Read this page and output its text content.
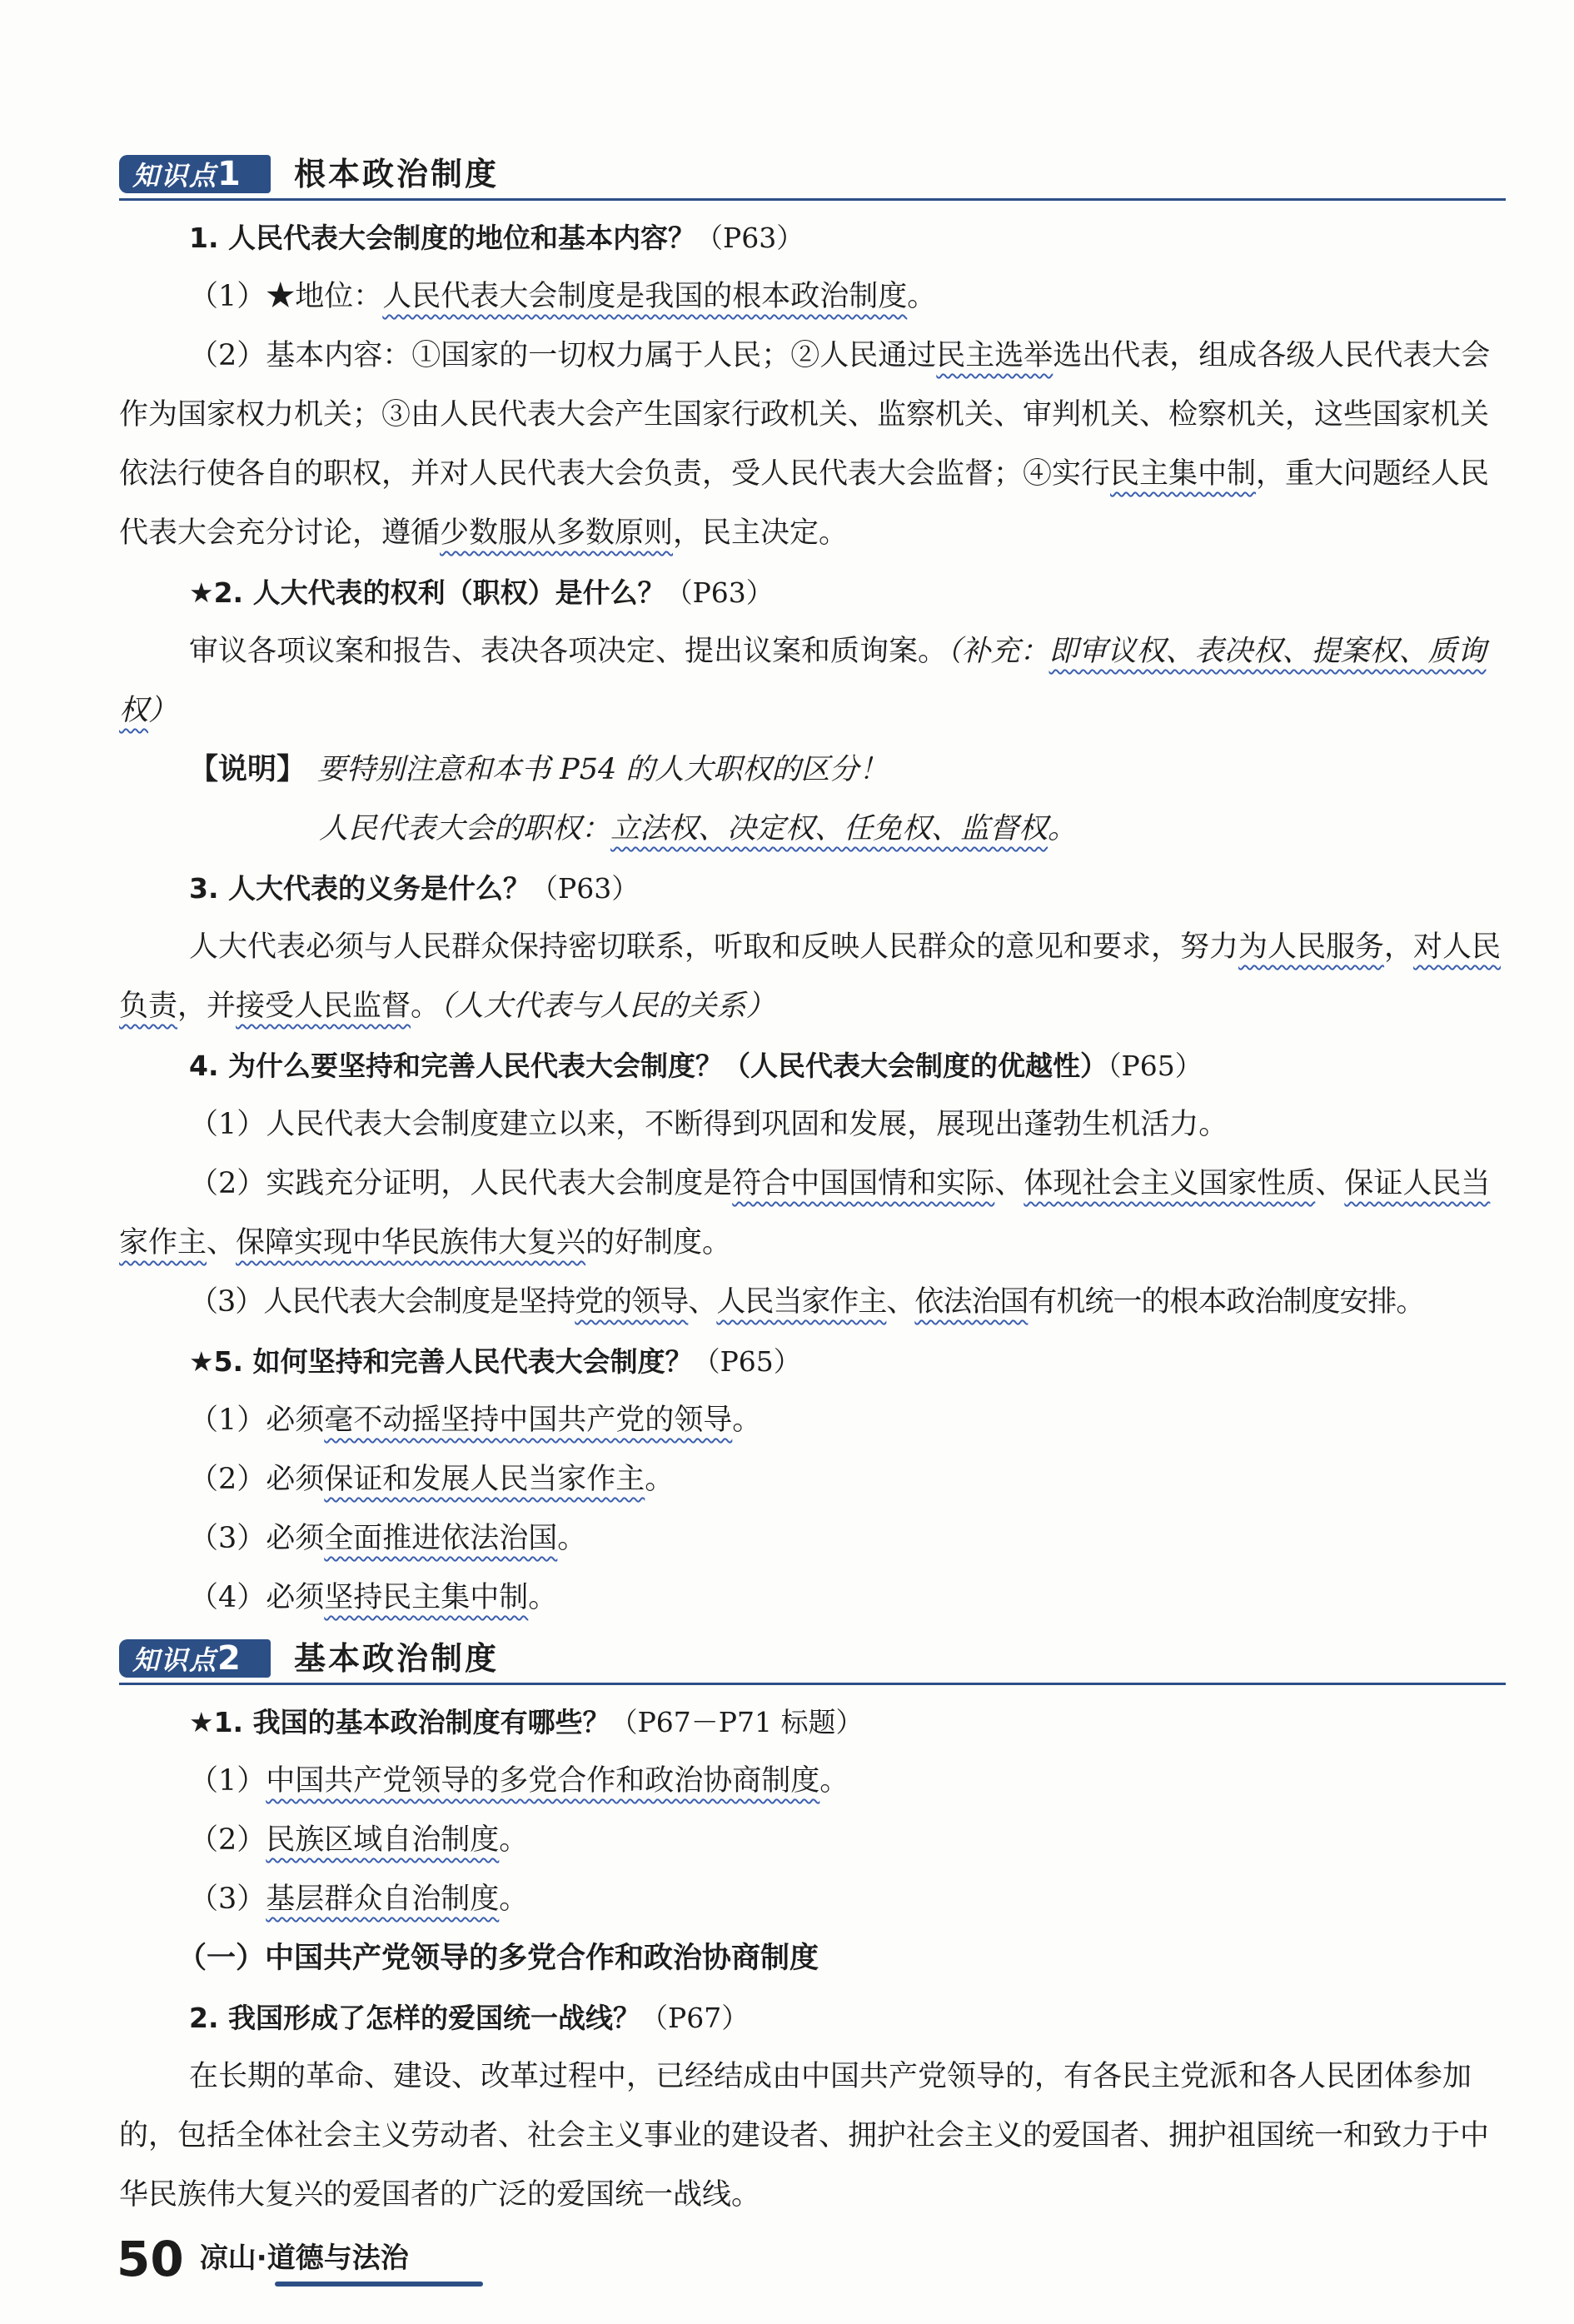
知识点1	根本政治制度

1. 人民代表大会制度的地位和基本内容？（P63）

（1）★地位：人民代表大会制度是我国的根本政治制度。

（2）基本内容：①国家的一切权力属于人民；②人民通过民主选举选出代表，组成各级人民代表大会作为国家权力机关；③由人民代表大会产生国家行政机关、监察机关、审判机关、检察机关，这些国家机关依法行使各自的职权，并对人民代表大会负责，受人民代表大会监督；④实行民主集中制，重大问题经人民代表大会充分讨论，遵循少数服从多数原则，民主决定。

★2. 人大代表的权利（职权）是什么？（P63）

审议各项议案和报告、表决各项决定、提出议案和质询案。（补充：即审议权、表决权、提案权、质询权）

【说明】 要特别注意和本书 P54 的人大职权的区分！

人民代表大会的职权：立法权、决定权、任免权、监督权。

3. 人大代表的义务是什么？（P63）

人大代表必须与人民群众保持密切联系，听取和反映人民群众的意见和要求，努力为人民服务，对人民负责，并接受人民监督。（人大代表与人民的关系）

4. 为什么要坚持和完善人民代表大会制度？（人民代表大会制度的优越性）（P65）

（1）人民代表大会制度建立以来，不断得到巩固和发展，展现出蓬勃生机活力。

（2）实践充分证明，人民代表大会制度是符合中国国情和实际、体现社会主义国家性质、保证人民当家作主、保障实现中华民族伟大复兴的好制度。

（3）人民代表大会制度是坚持党的领导、人民当家作主、依法治国有机统一的根本政治制度安排。

★5. 如何坚持和完善人民代表大会制度？（P65）

（1）必须毫不动摇坚持中国共产党的领导。

（2）必须保证和发展人民当家作主。

（3）必须全面推进依法治国。

（4）必须坚持民主集中制。

知识点2	基本政治制度

★1. 我国的基本政治制度有哪些？（P67－P71 标题）

（1）中国共产党领导的多党合作和政治协商制度。

（2）民族区域自治制度。

（3）基层群众自治制度。

（一）中国共产党领导的多党合作和政治协商制度

2. 我国形成了怎样的爱国统一战线？（P67）

在长期的革命、建设、改革过程中，已经结成由中国共产党领导的，有各民主党派和各人民团体参加的，包括全体社会主义劳动者、社会主义事业的建设者、拥护社会主义的爱国者、拥护祖国统一和致力于中华民族伟大复兴的爱国者的广泛的爱国统一战线。

50 凉山·道德与法治
